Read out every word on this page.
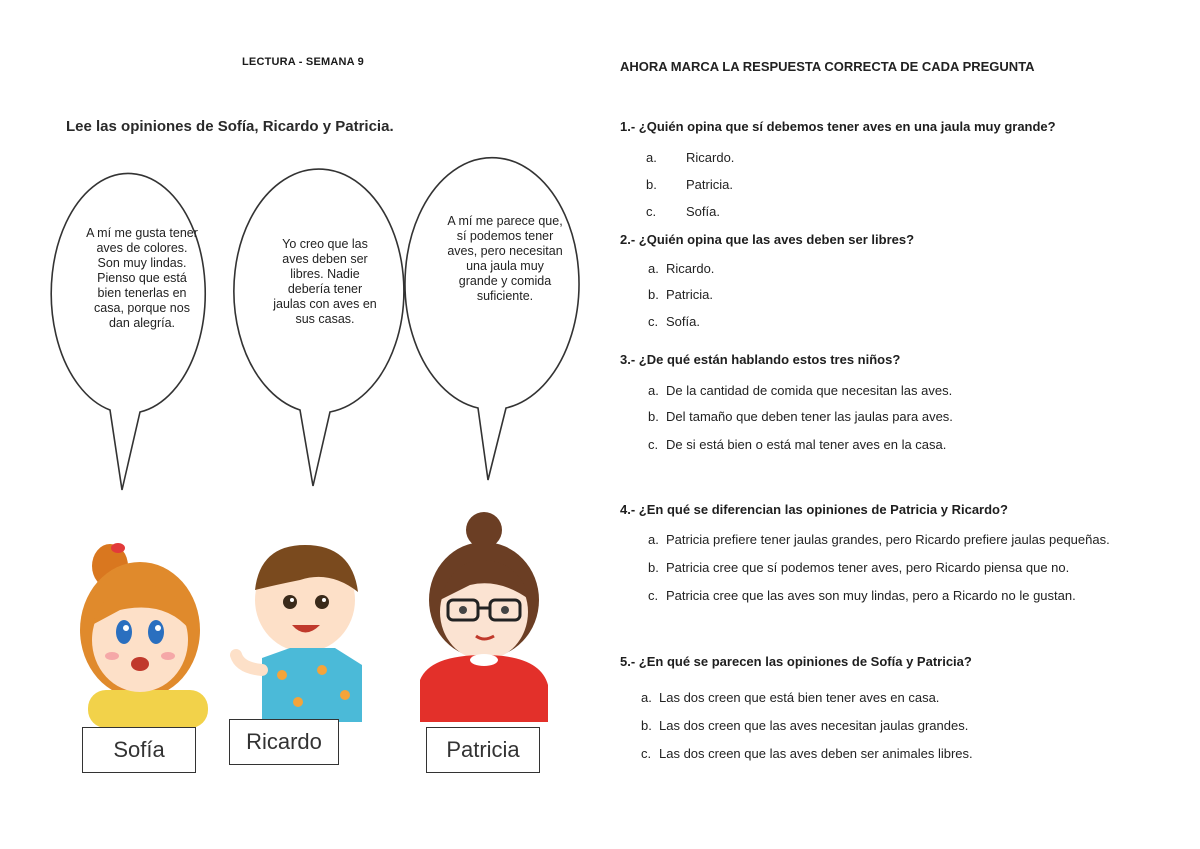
LECTURA - SEMANA 9
Lee las opiniones de Sofía, Ricardo y Patricia.
A mí me gusta tener aves de colores. Son muy lindas. Pienso que está bien tenerlas en casa, porque nos dan alegría.
Yo creo que las aves deben ser libres. Nadie debería tener jaulas con aves en sus casas.
A mí me parece que, sí podemos tener aves, pero necesitan una jaula muy grande y comida suficiente.
Sofía	Ricardo	Patricia
AHORA MARCA LA RESPUESTA CORRECTA DE CADA PREGUNTA
1.- ¿Quién opina que sí debemos tener aves en una jaula muy grande?
a. Ricardo.
b. Patricia.
c. Sofía.
2.- ¿Quién opina que las aves deben ser libres?
a. Ricardo.
b. Patricia.
c. Sofía.
3.- ¿De qué están hablando estos tres niños?
a. De la cantidad de comida que necesitan las aves.
b. Del tamaño que deben tener las jaulas para aves.
c. De si está bien o está mal tener aves en la casa.
4.- ¿En qué se diferencian las opiniones de Patricia y Ricardo?
a. Patricia prefiere tener jaulas grandes, pero Ricardo prefiere jaulas pequeñas.
b. Patricia cree que sí podemos tener aves, pero Ricardo piensa que no.
c. Patricia cree que las aves son muy lindas, pero a Ricardo no le gustan.
5.- ¿En qué se parecen las opiniones de Sofía y Patricia?
a. Las dos creen que está bien tener aves en casa.
b. Las dos creen que las aves necesitan jaulas grandes.
c. Las dos creen que las aves deben ser animales libres.
